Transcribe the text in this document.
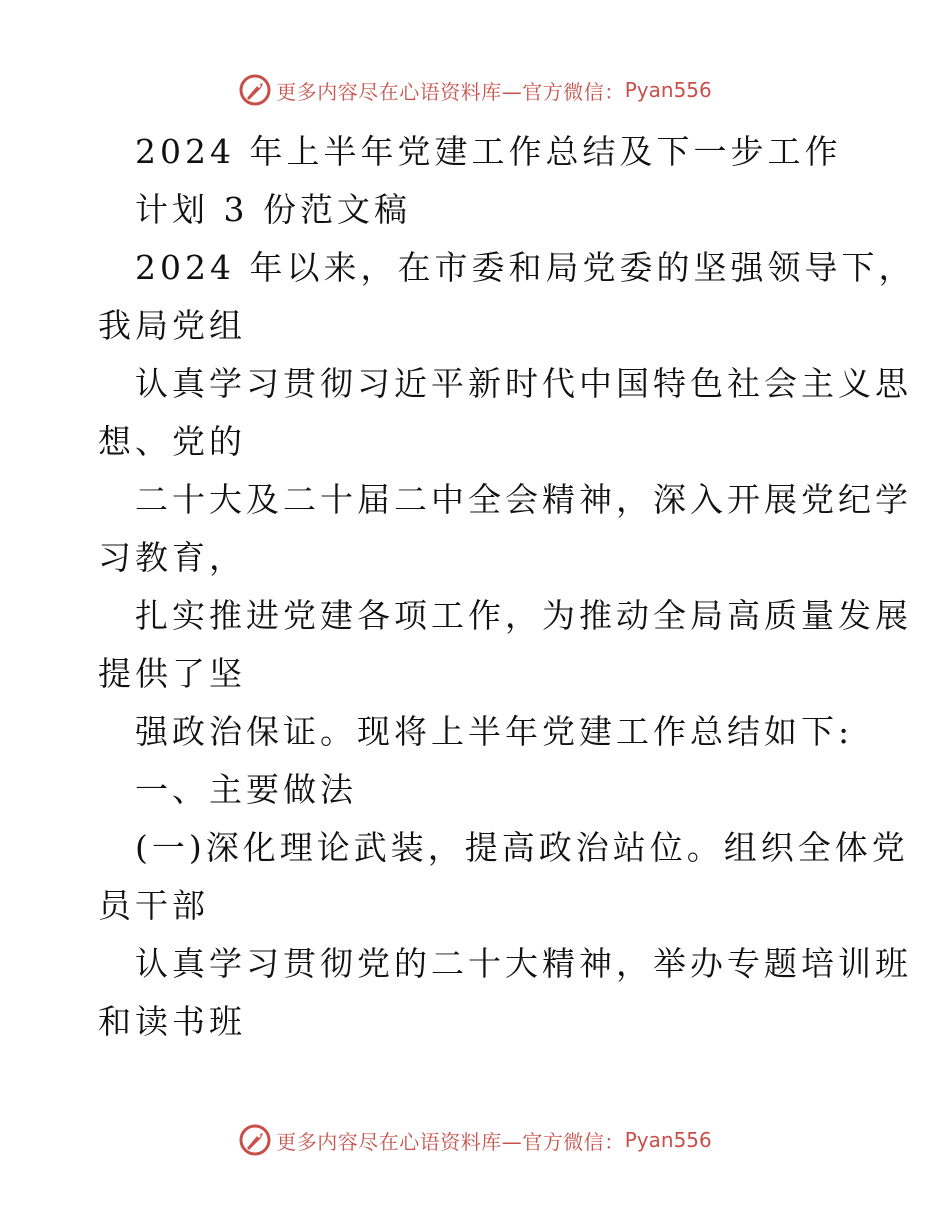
更多内容尽在心语资料库—官方微信： Pyan556
2024 年上半年党建工作总结及下一步工作
计划 3 份范文稿
2024 年以来，在市委和局党委的坚强领导下，
我局党组
认真学习贯彻习近平新时代中国特色社会主义思
想、党的
二十大及二十届二中全会精神，深入开展党纪学
习教育，
扎实推进党建各项工作，为推动全局高质量发展
提供了坚
强政治保证。现将上半年党建工作总结如下:
一、主要做法
(一)深化理论武装，提高政治站位。组织全体党
员干部
认真学习贯彻党的二十大精神，举办专题培训班
和读书班
更多内容尽在心语资料库—官方微信： Pyan556
